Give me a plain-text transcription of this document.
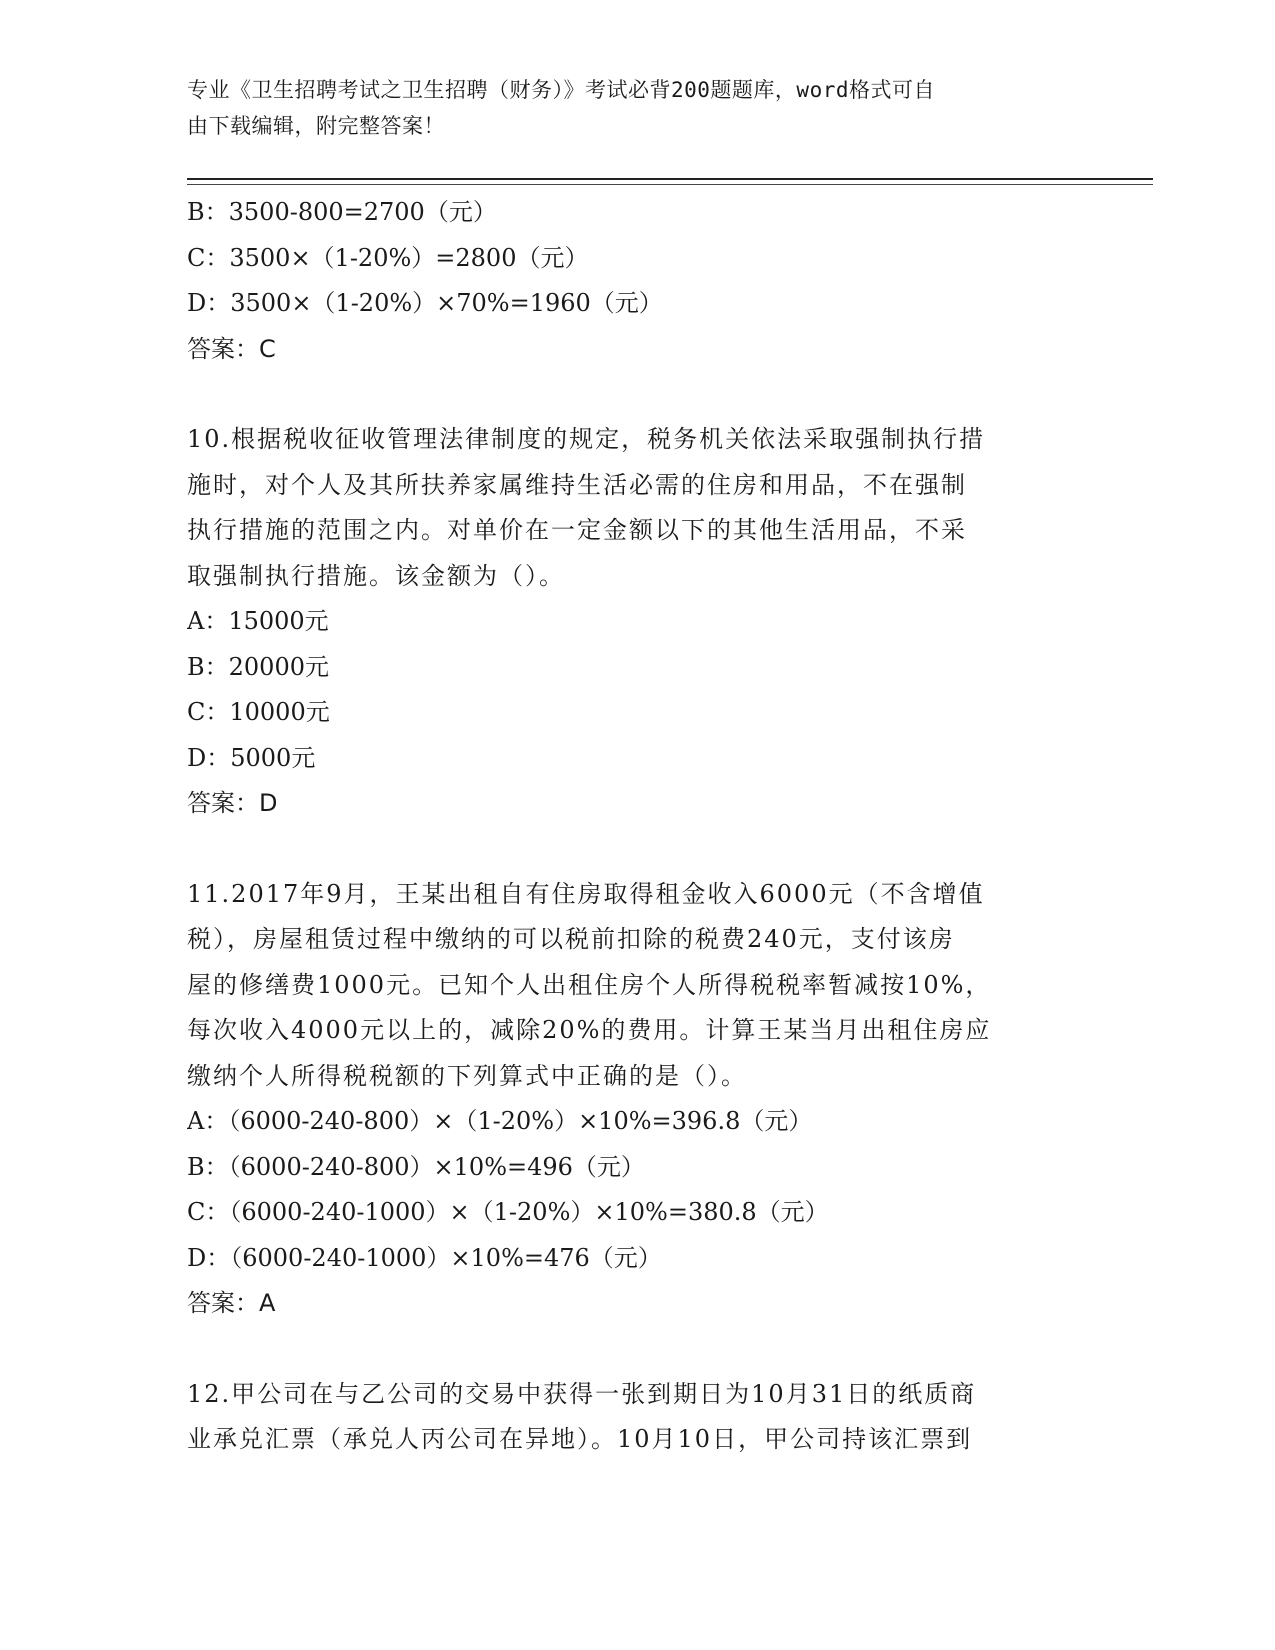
专业《卫生招聘考试之卫生招聘（财务）》考试必背200题题库，word格式可自
由下载编辑，附完整答案！
B：3500-800=2700（元）
C：3500×（1-20%）=2800（元）
D：3500×（1-20%）×70%=1960（元）
答案：C
10.根据税收征收管理法律制度的规定，税务机关依法采取强制执行措
施时，对个人及其所扶养家属维持生活必需的住房和用品，不在强制
执行措施的范围之内。对单价在一定金额以下的其他生活用品，不采
取强制执行措施。该金额为（）。
A：15000元
B：20000元
C：10000元
D：5000元
答案：D
11.2017年9月，王某出租自有住房取得租金收入6000元（不含增值
税），房屋租赁过程中缴纳的可以税前扣除的税费240元，支付该房
屋的修缮费1000元。已知个人出租住房个人所得税税率暂减按10%，
每次收入4000元以上的，减除20%的费用。计算王某当月出租住房应
缴纳个人所得税税额的下列算式中正确的是（）。
A：（6000-240-800）×（1-20%）×10%=396.8（元）
B：（6000-240-800）×10%=496（元）
C：（6000-240-1000）×（1-20%）×10%=380.8（元）
D：（6000-240-1000）×10%=476（元）
答案：A
12.甲公司在与乙公司的交易中获得一张到期日为10月31日的纸质商
业承兑汇票（承兑人丙公司在异地）。10月10日，甲公司持该汇票到
